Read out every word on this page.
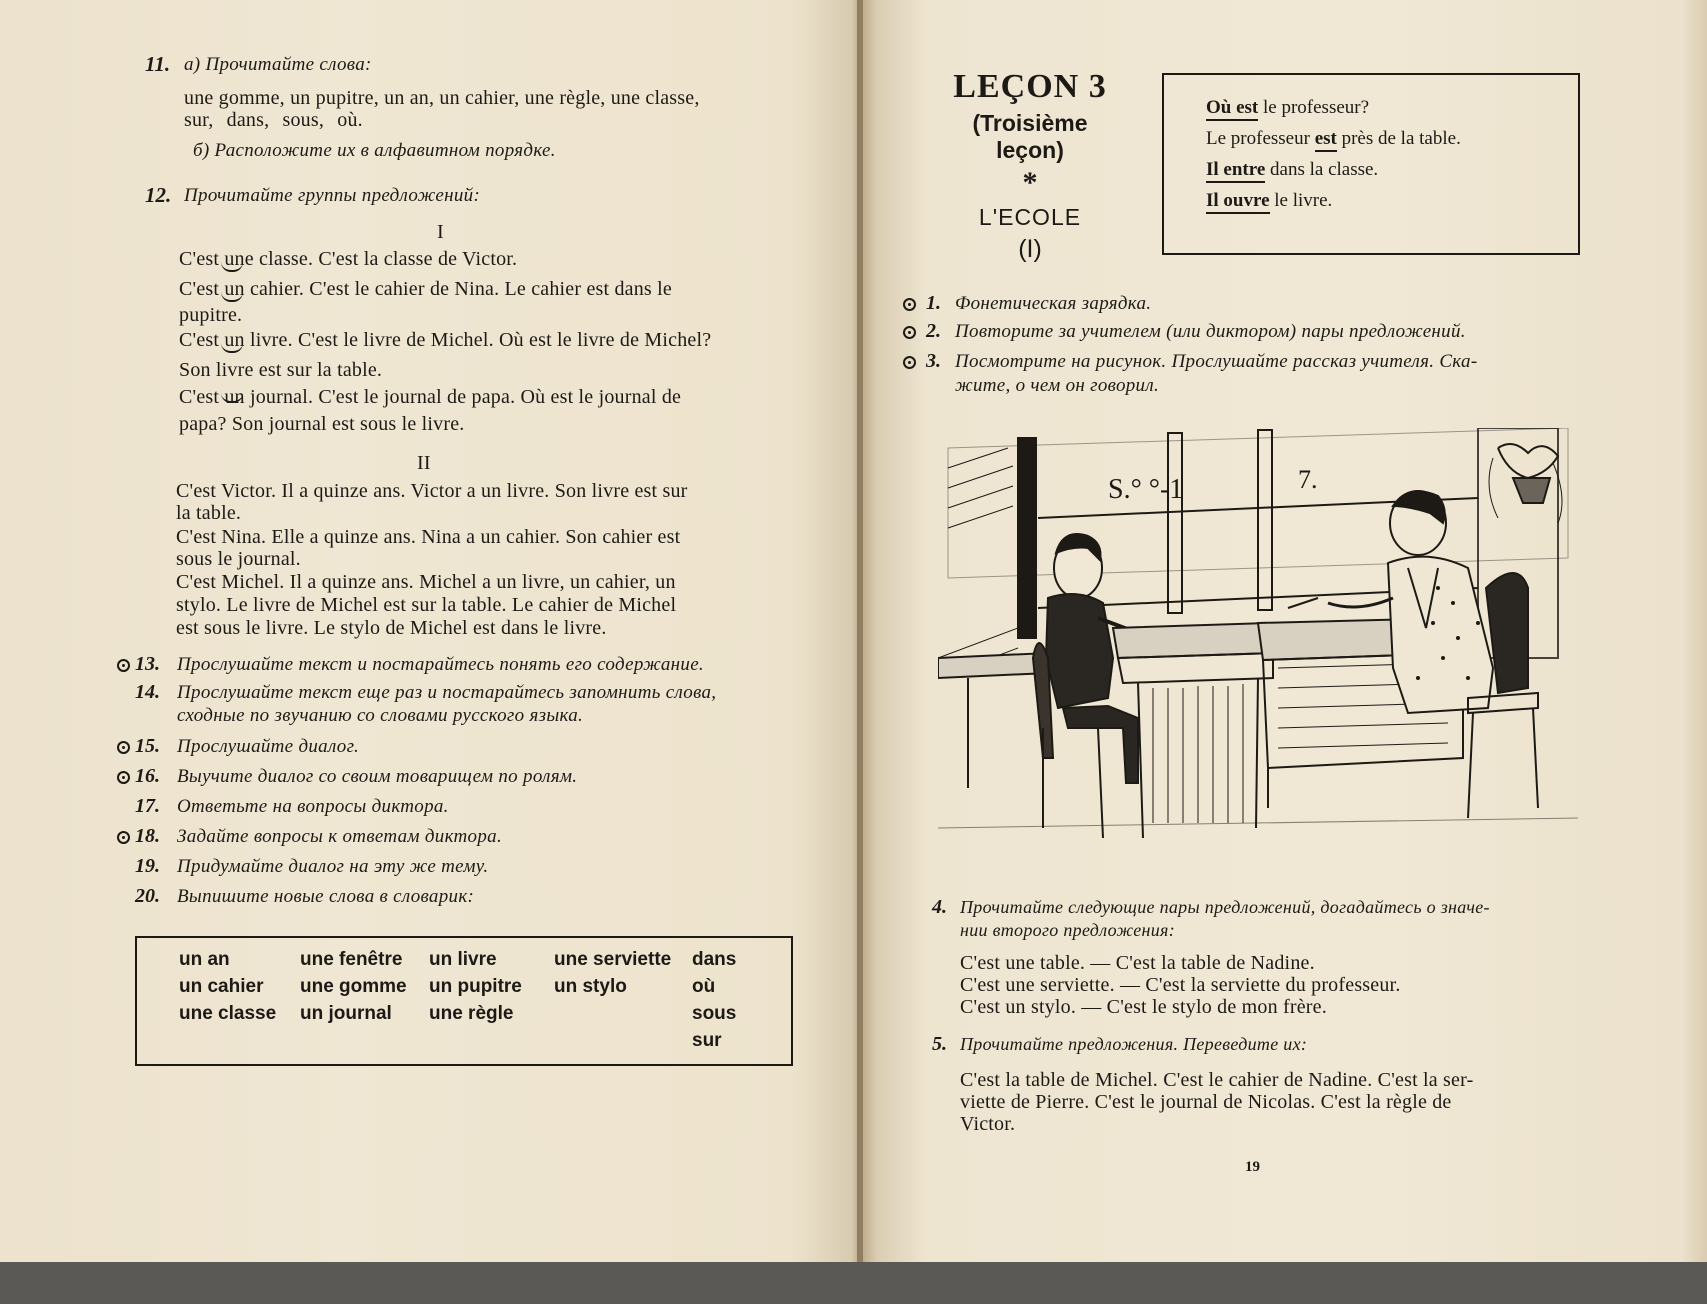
11. а) Прочитайте слова:
une gomme, un pupitre, un an, un cahier, une règle, une classe,
sur, dans, sous, où.
б) Расположите их в алфавитном порядке.
12. Прочитайте группы предложений:
I
C'est une classe. C'est la classe de Victor.
C'est un cahier. C'est le cahier de Nina. Le cahier est dans le
pupitre.
C'est un livre. C'est le livre de Michel. Où est le livre de Michel?
Son livre est sur la table.
C'est un journal. C'est le journal de papa. Où est le journal de
papa? Son journal est sous le livre.
II
C'est Victor. Il a quinze ans. Victor a un livre. Son livre est sur
la table.
C'est Nina. Elle a quinze ans. Nina a un cahier. Son cahier est
sous le journal.
C'est Michel. Il a quinze ans. Michel a un livre, un cahier, un
stylo. Le livre de Michel est sur la table. Le cahier de Michel
est sous le livre. Le stylo de Michel est dans le livre.
13. Прослушайте текст и постарайтесь понять его содержание.
14. Прослушайте текст еще раз и постарайтесь запомнить слова,
сходные по звучанию со словами русского языка.
15. Прослушайте диалог.
16. Выучите диалог со своим товарищем по ролям.
17. Ответьте на вопросы диктора.
18. Задайте вопросы к ответам диктора.
19. Придумайте диалог на эту же тему.
20. Выпишите новые слова в словарик:
un an
un cahier
une classe
une fenêtre
une gomme
un journal
un livre
un pupitre
une règle
une serviette
un stylo
dans
où
sous
sur
LEÇON 3
(Troisième leçon)
*
L'ECOLE
(I)
Où est le professeur?
Le professeur est près de la table.
Il entre dans la classe.
Il ouvre le livre.
1. Фонетическая зарядка.
2. Повторите за учителем (или диктором) пары предложений.
3. Посмотрите на рисунок. Прослушайте рассказ учителя. Ска-
жите, о чем он говорил.
S.° °-1	7.
4. Прочитайте следующие пары предложений, догадайтесь о значе-
нии второго предложения:
C'est une table. — C'est la table de Nadine.
C'est une serviette. — C'est la serviette du professeur.
C'est un stylo. — C'est le stylo de mon frère.
5. Прочитайте предложения. Переведите их:
C'est la table de Michel. C'est le cahier de Nadine. C'est la ser-
viette de Pierre. C'est le journal de Nicolas. C'est la règle de
Victor.
19
